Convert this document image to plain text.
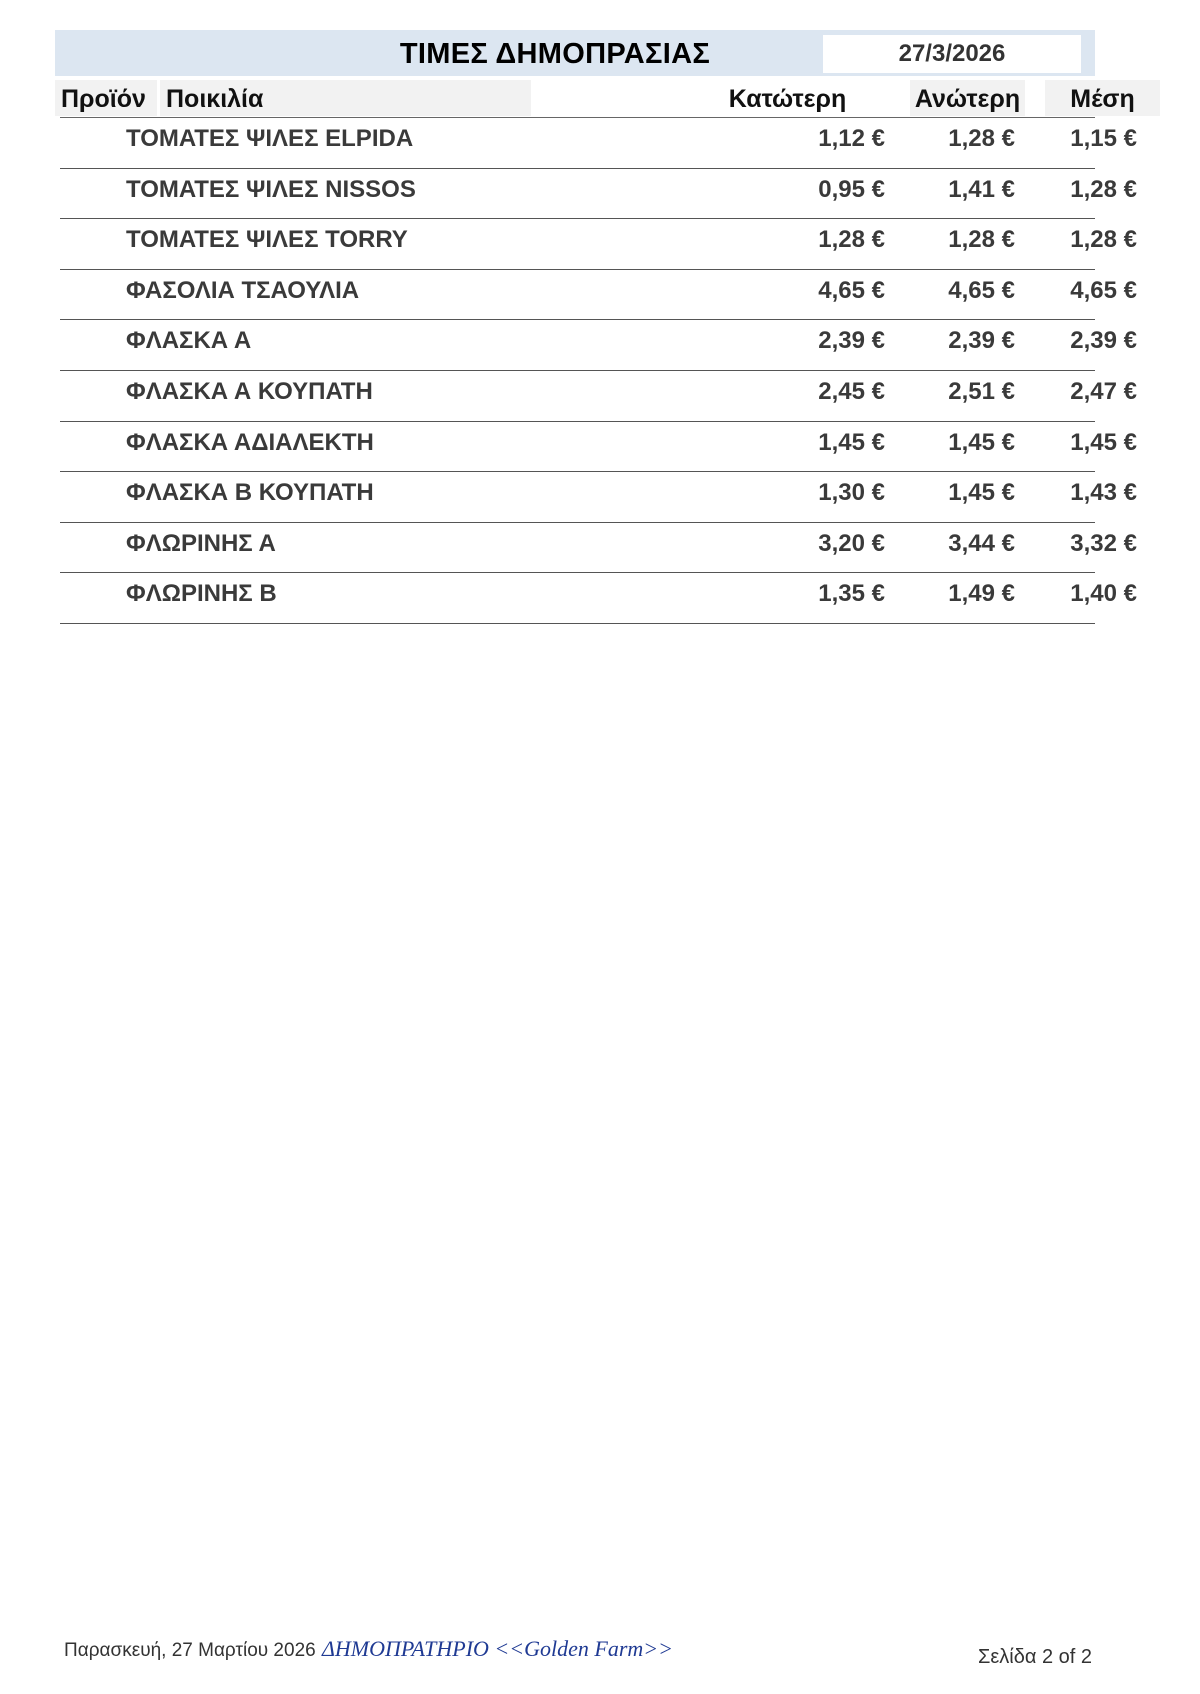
ΤΙΜΕΣ ΔΗΜΟΠΡΑΣΙΑΣ	27/3/2026
Προϊόν Ποικιλία	Κατώτερη	Ανώτερη	Μέση
ΤΟΜΑΤΕΣ ΨΙΛΕΣ ELPIDA	1,12 €	1,28 €	1,15 €
ΤΟΜΑΤΕΣ ΨΙΛΕΣ NISSOS	0,95 €	1,41 €	1,28 €
ΤΟΜΑΤΕΣ ΨΙΛΕΣ TORRY	1,28 €	1,28 €	1,28 €
ΦΑΣΟΛΙΑ ΤΣΑΟΥΛΙΑ	4,65 €	4,65 €	4,65 €
ΦΛΑΣΚΑ Α	2,39 €	2,39 €	2,39 €
ΦΛΑΣΚΑ Α ΚΟΥΠΑΤΗ	2,45 €	2,51 €	2,47 €
ΦΛΑΣΚΑ ΑΔΙΑΛΕΚΤΗ	1,45 €	1,45 €	1,45 €
ΦΛΑΣΚΑ Β ΚΟΥΠΑΤΗ	1,30 €	1,45 €	1,43 €
ΦΛΩΡΙΝΗΣ Α	3,20 €	3,44 €	3,32 €
ΦΛΩΡΙΝΗΣ Β	1,35 €	1,49 €	1,40 €
Παρασκευή, 27 Μαρτίου 2026 ΔΗΜΟΠΡΑΤΗΡΙΟ <<Golden Farm>>	Σελίδα 2 of 2
